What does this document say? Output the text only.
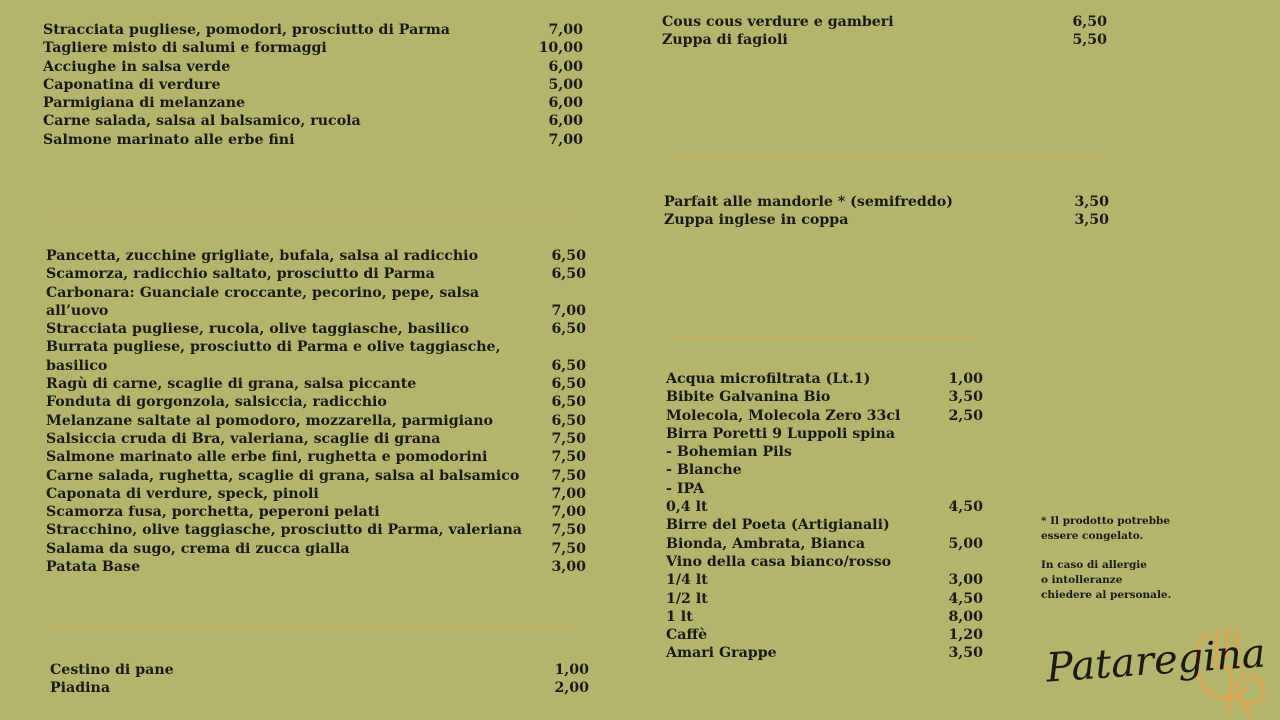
Stracciata pugliese, pomodori, prosciutto di Parma	7,00
Tagliere misto di salumi e formaggi	10,00
Acciughe in salsa verde	6,00
Caponatina di verdure	5,00
Parmigiana di melanzane	6,00
Carne salada, salsa al balsamico, rucola	6,00
Salmone marinato alle erbe fini	7,00
Pancetta, zucchine grigliate, bufala, salsa al radicchio	6,50
Scamorza, radicchio saltato, prosciutto di Parma	6,50
Carbonara: Guanciale croccante, pecorino, pepe, salsa all’uovo	7,00
Stracciata pugliese, rucola, olive taggiasche, basilico	6,50
Burrata pugliese, prosciutto di Parma e olive taggiasche, basilico	6,50
Ragù di carne, scaglie di grana, salsa piccante	6,50
Fonduta di gorgonzola, salsiccia, radicchio	6,50
Melanzane saltate al pomodoro, mozzarella, parmigiano	6,50
Salsiccia cruda di Bra, valeriana, scaglie di grana	7,50
Salmone marinato alle erbe fini, rughetta e pomodorini	7,50
Carne salada, rughetta, scaglie di grana, salsa al balsamico	7,50
Caponata di verdure, speck, pinoli	7,00
Scamorza fusa, porchetta, peperoni pelati	7,00
Stracchino, olive taggiasche, prosciutto di Parma, valeriana	7,50
Salama da sugo, crema di zucca gialla	7,50
Patata Base	3,00
Cestino di pane	1,00
Piadina	2,00
Cous cous verdure e gamberi	6,50
Zuppa di fagioli	5,50
Parfait alle mandorle * (semifreddo)	3,50
Zuppa inglese in coppa	3,50
Acqua microfiltrata (Lt.1)	1,00
Bibite Galvanina Bio	3,50
Molecola, Molecola Zero 33cl	2,50
Birra Poretti 9 Luppoli spina
- Bohemian Pils
- Blanche
- IPA
0,4 lt	4,50
Birre del Poeta (Artigianali)
Bionda, Ambrata, Bianca	5,00
Vino della casa bianco/rosso
1/4 lt	3,00
1/2 lt	4,50
1 lt	8,00
Caffè	1,20
Amari Grappe	3,50
* Il prodotto potrebbe
essere congelato.
In caso di allergie
o intolleranze
chiedere al personale.
Pataregina
